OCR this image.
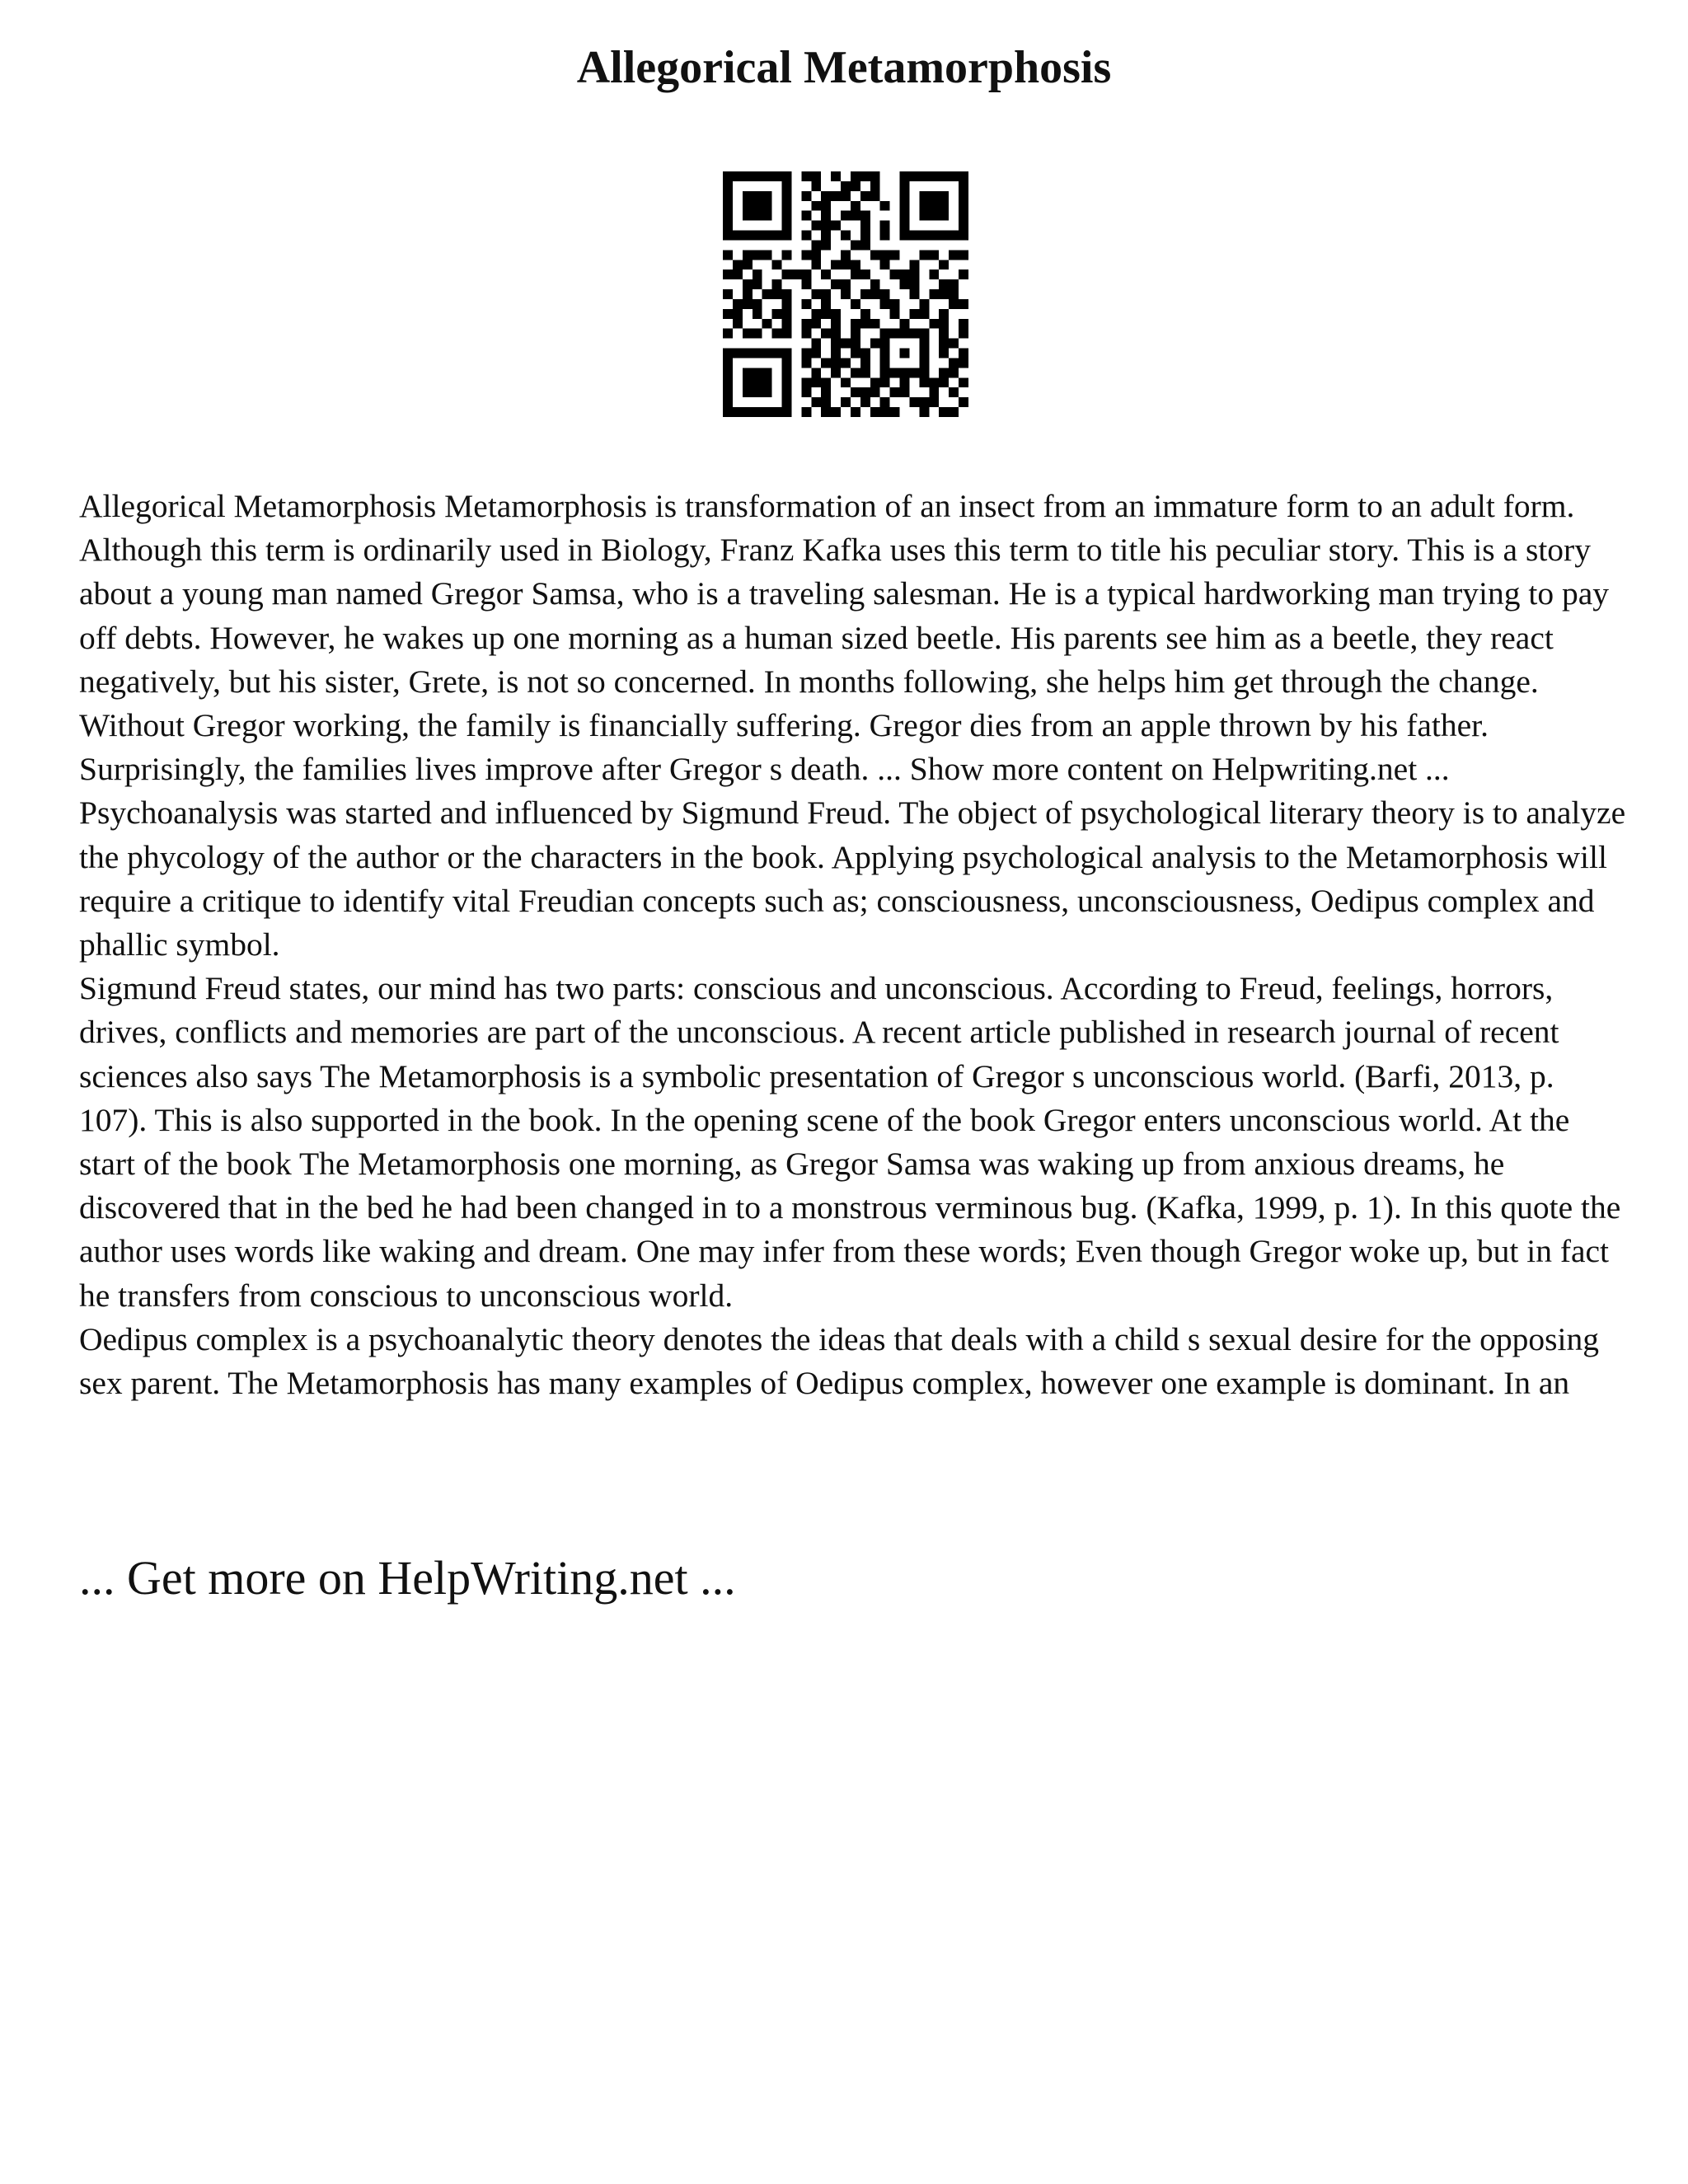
Allegorical Metamorphosis

Allegorical Metamorphosis Metamorphosis is transformation of an insect from an immature form to an adult form. Although this term is ordinarily used in Biology, Franz Kafka uses this term to title his peculiar story. This is a story about a young man named Gregor Samsa, who is a traveling salesman. He is a typical hardworking man trying to pay off debts. However, he wakes up one morning as a human sized beetle. His parents see him as a beetle, they react negatively, but his sister, Grete, is not so concerned. In months following, she helps him get through the change. Without Gregor working, the family is financially suffering. Gregor dies from an apple thrown by his father. Surprisingly, the families lives improve after Gregor s death. ... Show more content on Helpwriting.net ...

Psychoanalysis was started and influenced by Sigmund Freud. The object of psychological literary theory is to analyze the phycology of the author or the characters in the book. Applying psychological analysis to the Metamorphosis will require a critique to identify vital Freudian concepts such as; consciousness, unconsciousness, Oedipus complex and phallic symbol.

Sigmund Freud states, our mind has two parts: conscious and unconscious. According to Freud, feelings, horrors, drives, conflicts and memories are part of the unconscious. A recent article published in research journal of recent sciences also says The Metamorphosis is a symbolic presentation of Gregor s unconscious world. (Barfi, 2013, p. 107). This is also supported in the book. In the opening scene of the book Gregor enters unconscious world. At the start of the book The Metamorphosis one morning, as Gregor Samsa was waking up from anxious dreams, he discovered that in the bed he had been changed in to a monstrous verminous bug. (Kafka, 1999, p. 1). In this quote the author uses words like waking and dream. One may infer from these words; Even though Gregor woke up, but in fact he transfers from conscious to unconscious world.

Oedipus complex is a psychoanalytic theory denotes the ideas that deals with a child s sexual desire for the opposing sex parent. The Metamorphosis has many examples of Oedipus complex, however one example is dominant. In an

... Get more on HelpWriting.net ...
